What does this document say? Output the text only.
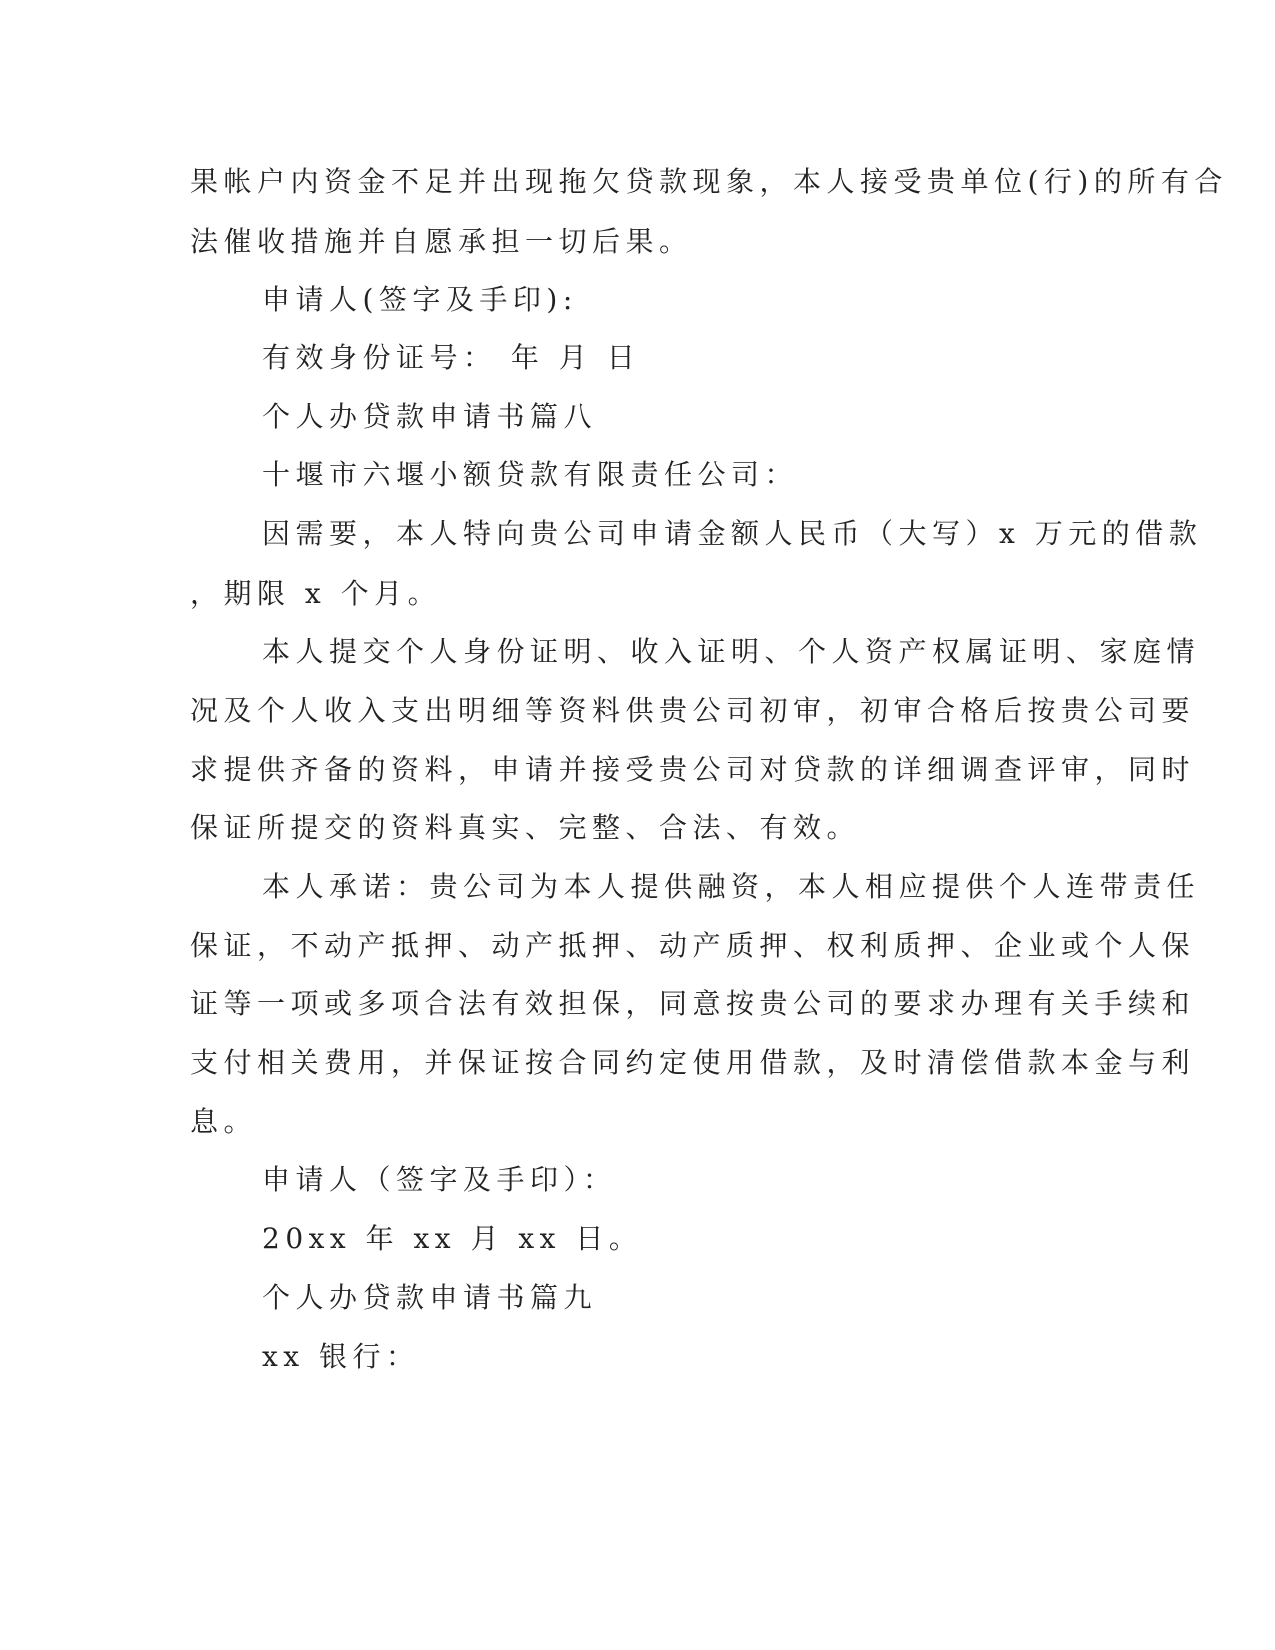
果帐户内资金不足并出现拖欠贷款现象，本人接受贵单位(行)的所有合
法催收措施并自愿承担一切后果。
申请人(签字及手印):
有效身份证号： 年 月 日
个人办贷款申请书篇八
十堰市六堰小额贷款有限责任公司：
因需要，本人特向贵公司申请金额人民币（大写）x 万元的借款
，期限 x 个月。
本人提交个人身份证明、收入证明、个人资产权属证明、家庭情
况及个人收入支出明细等资料供贵公司初审，初审合格后按贵公司要
求提供齐备的资料，申请并接受贵公司对贷款的详细调查评审，同时
保证所提交的资料真实、完整、合法、有效。
本人承诺：贵公司为本人提供融资，本人相应提供个人连带责任
保证，不动产抵押、动产抵押、动产质押、权利质押、企业或个人保
证等一项或多项合法有效担保，同意按贵公司的要求办理有关手续和
支付相关费用，并保证按合同约定使用借款，及时清偿借款本金与利
息。
申请人（签字及手印）：
20xx 年 xx 月 xx 日。
个人办贷款申请书篇九
xx 银行：
